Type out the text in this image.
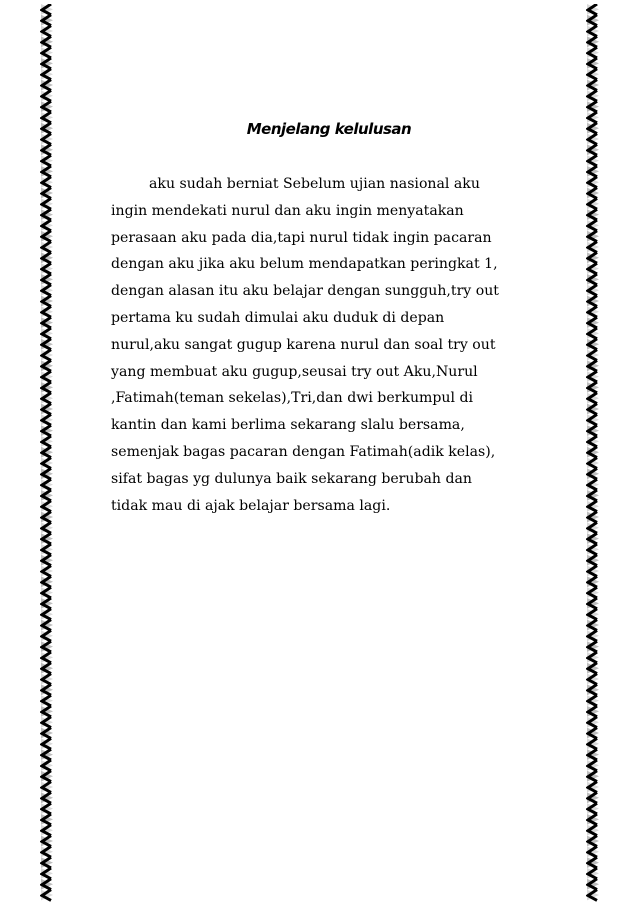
Menjelang kelulusan
aku sudah berniat Sebelum ujian nasional aku
ingin mendekati nurul dan aku ingin menyatakan
perasaan aku pada dia,tapi nurul tidak ingin pacaran
dengan aku jika aku belum mendapatkan peringkat 1,
dengan alasan itu aku belajar dengan sungguh,try out
pertama ku sudah dimulai aku duduk di depan
nurul,aku sangat gugup karena nurul dan soal try out
yang membuat aku gugup,seusai try out Aku,Nurul
,Fatimah(teman sekelas),Tri,dan dwi berkumpul di
kantin dan kami berlima sekarang slalu bersama,
semenjak bagas pacaran dengan Fatimah(adik kelas),
sifat bagas yg dulunya baik sekarang berubah dan
tidak mau di ajak belajar bersama lagi.
